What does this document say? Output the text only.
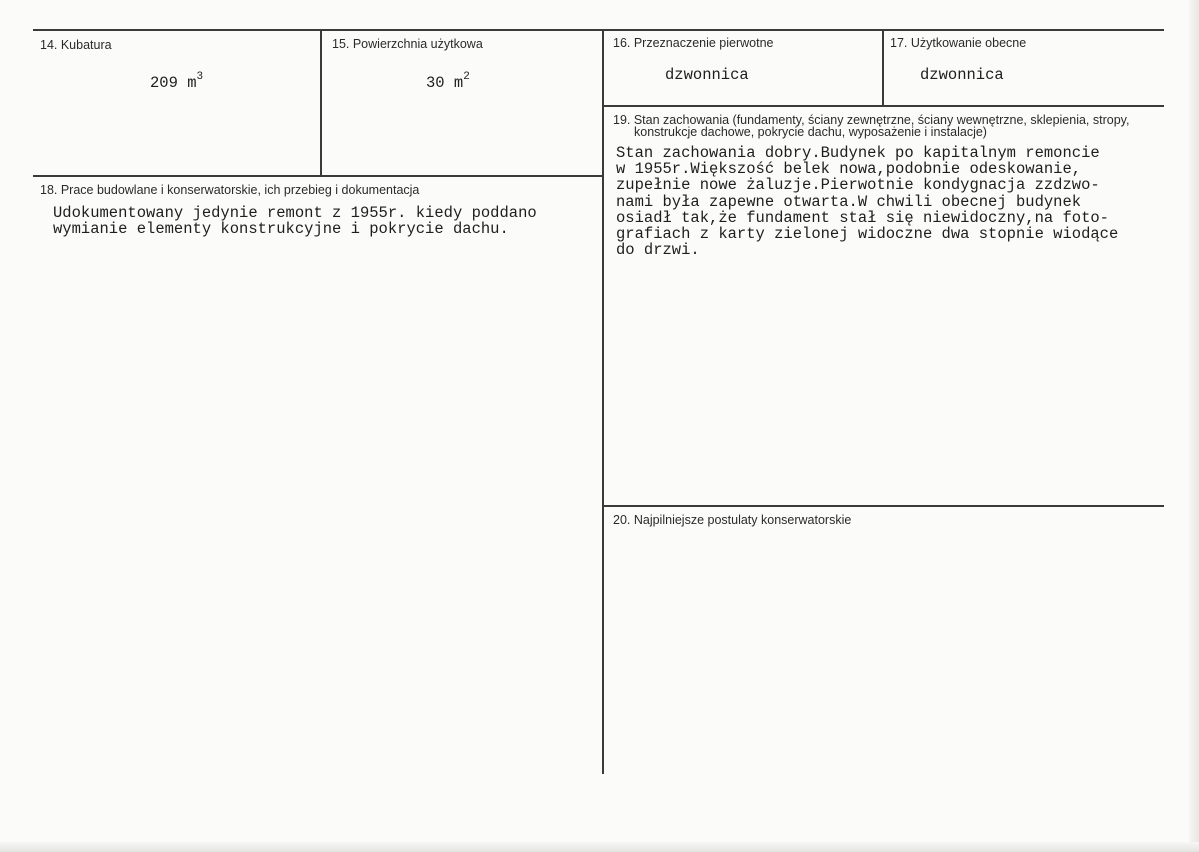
14. Kubatura
209 $m^3$
15. Powierzchnia użytkowa
30 $m^2$
16. Przeznaczenie pierwotne
dzwonnica
17. Użytkowanie obecne
dzwonnica
18. Prace budowlane i konserwatorskie, ich przebieg i dokumentacja
Udokumentowany jedynie remont z 1955r. kiedy poddano
wymianie elementy konstrukcyjne i pokrycie dachu.
19. Stan zachowania (fundamenty, ściany zewnętrzne, ściany wewnętrzne, sklepienia, stropy,
konstrukcje dachowe, pokrycie dachu, wyposażenie i instalacje)
Stan zachowania dobry.Budynek po kapitalnym remoncie
w 1955r.Większość belek nowa,podobnie odeskowanie,
zupełnie nowe żaluzje.Pierwotnie kondygnacja zzdzwo-
nami była zapewne otwarta.W chwili obecnej budynek
osiadł tak,że fundament stał się niewidoczny,na foto-
grafiach z karty zielonej widoczne dwa stopnie wiodące
do drzwi.
20. Najpilniejsze postulaty konserwatorskie
